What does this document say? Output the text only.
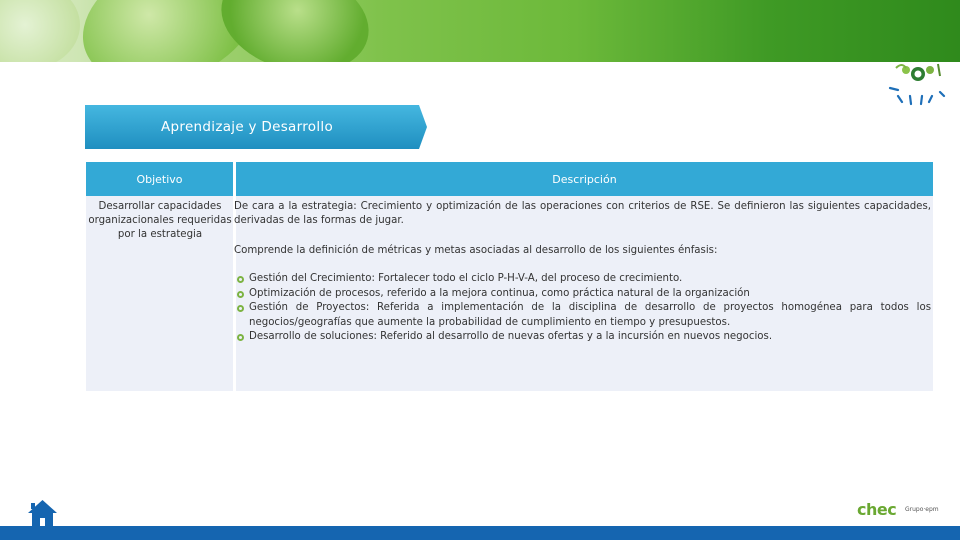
Aprendizaje y Desarrollo
Objetivo	Descripción
Desarrollar capacidades organizacionales requeridas por la estrategia
De cara a la estrategia: Crecimiento y optimización de las operaciones con criterios de RSE. Se definieron las siguientes capacidades, derivadas de las formas de jugar.
Comprende la definición de métricas y metas asociadas al desarrollo de los siguientes énfasis:
Gestión del Crecimiento: Fortalecer todo el ciclo P-H-V-A, del proceso de crecimiento.
Optimización de procesos, referido a la mejora continua, como práctica natural de la organización
Gestión de Proyectos: Referida a implementación de la disciplina de desarrollo de proyectos homogénea para todos los negocios/geografías que aumente la probabilidad de cumplimiento en tiempo y presupuestos.
Desarrollo de soluciones: Referido al desarrollo de nuevas ofertas y a la incursión en nuevos negocios.
chec Grupo·epm
